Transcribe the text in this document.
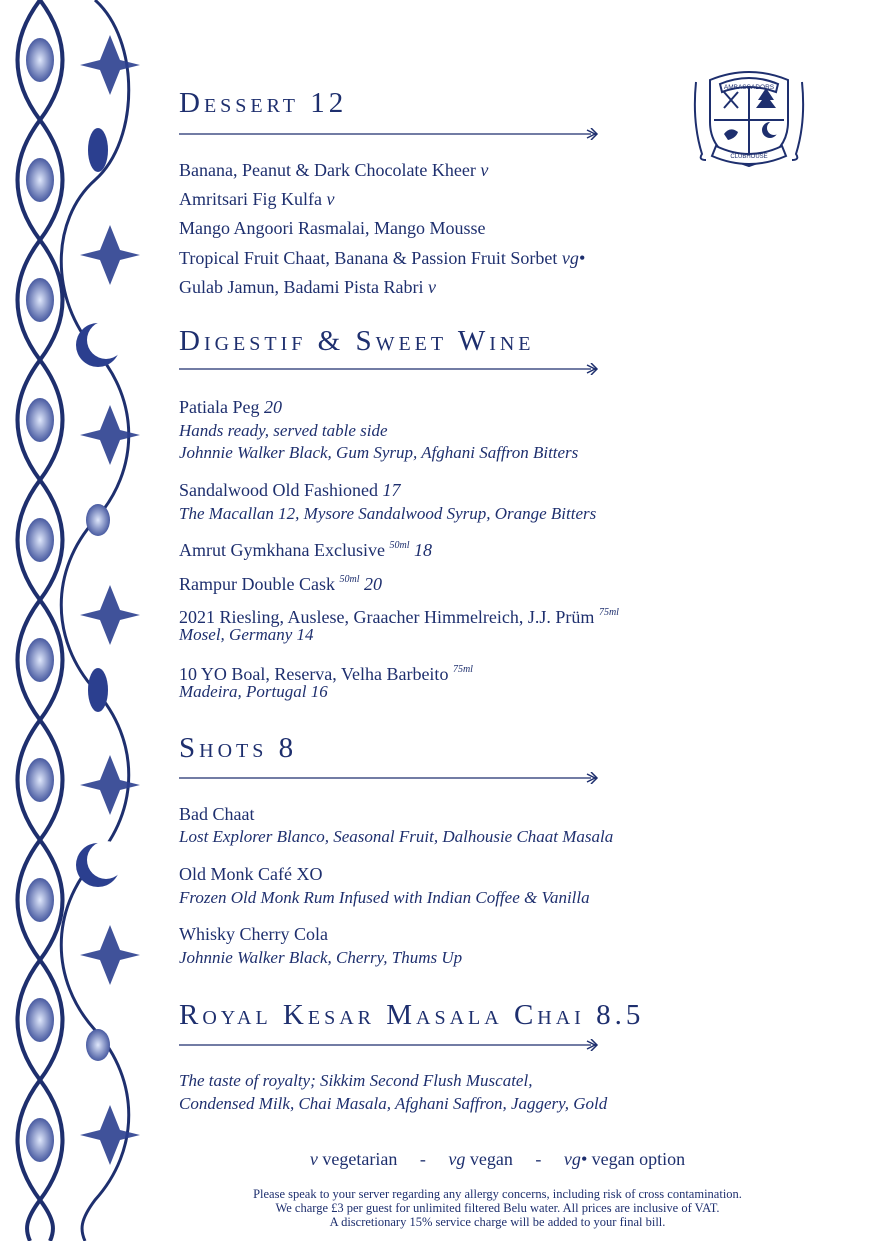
AMBASSADORS
CLUBHOUSE
Dessert 12
Banana, Peanut & Dark Chocolate Kheer v
Amritsari Fig Kulfa v
Mango Angoori Rasmalai, Mango Mousse
Tropical Fruit Chaat, Banana & Passion Fruit Sorbet vg•
Gulab Jamun, Badami Pista Rabri v
Digestif & Sweet Wine
Patiala Peg 20
Hands ready, served table side
Johnnie Walker Black, Gum Syrup, Afghani Saffron Bitters
Sandalwood Old Fashioned 17
The Macallan 12, Mysore Sandalwood Syrup, Orange Bitters
Amrut Gymkhana Exclusive $^{50ml}$ 18
Rampur Double Cask $^{50ml}$ 20
2021 Riesling, Auslese, Graacher Himmelreich, J.J. Prüm $^{75ml}$
Mosel, Germany 14
10 YO Boal, Reserva, Velha Barbeito $^{75ml}$
Madeira, Portugal 16
Shots 8
Bad Chaat
Lost Explorer Blanco, Seasonal Fruit, Dalhousie Chaat Masala
Old Monk Café XO
Frozen Old Monk Rum Infused with Indian Coffee & Vanilla
Whisky Cherry Cola
Johnnie Walker Black, Cherry, Thums Up
Royal Kesar Masala Chai 8.5
The taste of royalty; Sikkim Second Flush Muscatel,
Condensed Milk, Chai Masala, Afghani Saffron, Jaggery, Gold
v vegetarian - vg vegan - vg• vegan option
Please speak to your server regarding any allergy concerns, including risk of cross contamination.
We charge £3 per guest for unlimited filtered Belu water. All prices are inclusive of VAT.
A discretionary 15% service charge will be added to your final bill.
